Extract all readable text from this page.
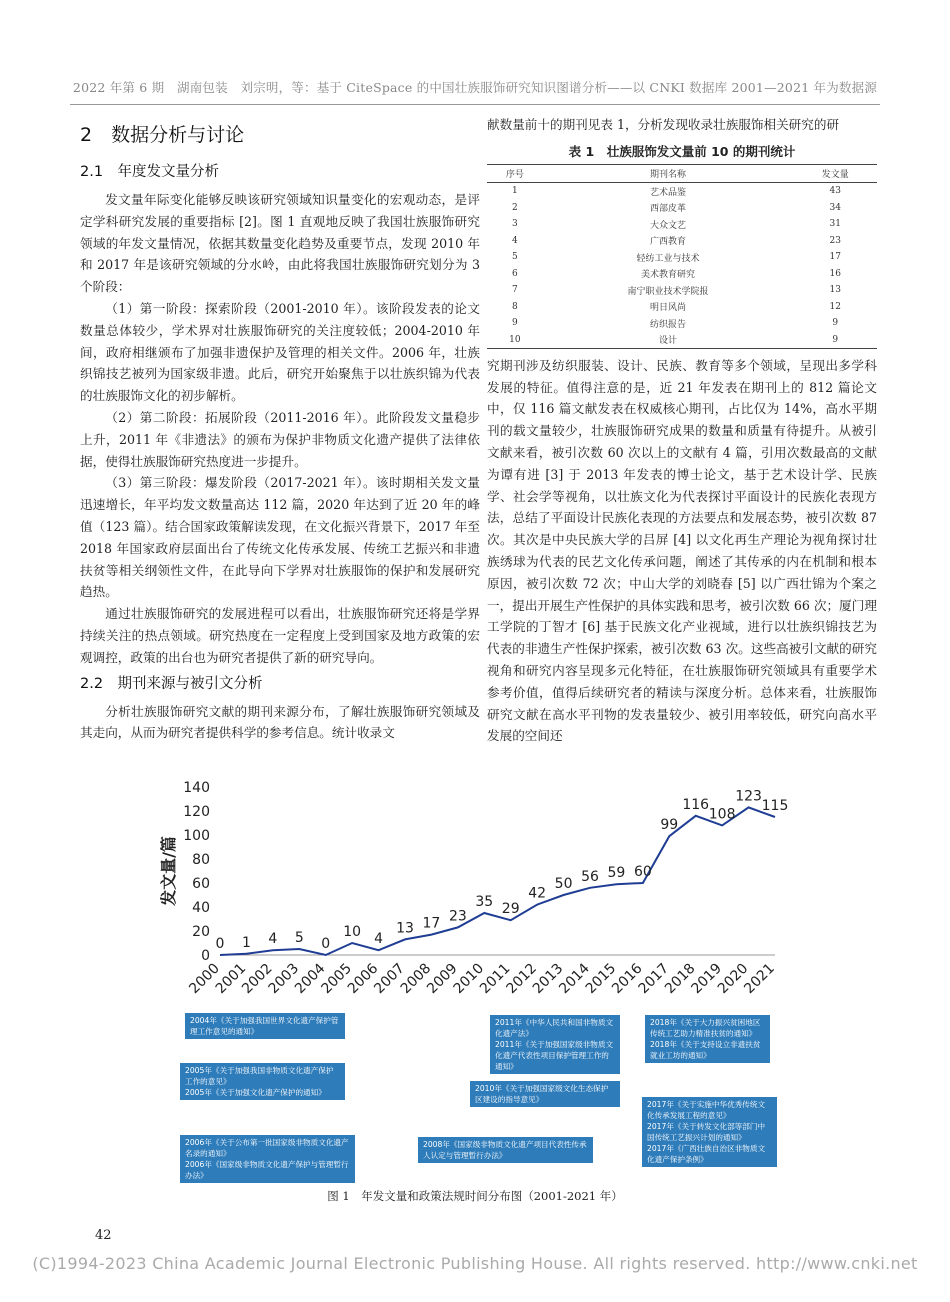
2022 年第 6 期　湖南包装　刘宗明，等：基于 CiteSpace 的中国壮族服饰研究知识图谱分析——以 CNKI 数据库 2001—2021 年为数据源
2　数据分析与讨论
2.1　年度发文量分析

发文量年际变化能够反映该研究领域知识量变化的宏观动态，是评定学科研究发展的重要指标 [2]。图 1 直观地反映了我国壮族服饰研究领域的年发文量情况，依据其数量变化趋势及重要节点，发现 2010 年和 2017 年是该研究领域的分水岭，由此将我国壮族服饰研究划分为 3 个阶段：

（1）第一阶段：探索阶段（2001-2010 年）。该阶段发表的论文数量总体较少，学术界对壮族服饰研究的关注度较低；2004-2010 年间，政府相继颁布了加强非遗保护及管理的相关文件。2006 年，壮族织锦技艺被列为国家级非遗。此后，研究开始聚焦于以壮族织锦为代表的壮族服饰文化的初步解析。

（2）第二阶段：拓展阶段（2011-2016 年）。此阶段发文量稳步上升，2011 年《非遗法》的颁布为保护非物质文化遗产提供了法律依据，使得壮族服饰研究热度进一步提升。

（3）第三阶段：爆发阶段（2017-2021 年）。该时期相关发文量迅速增长，年平均发文数量高达 112 篇，2020 年达到了近 20 年的峰值（123 篇）。结合国家政策解读发现，在文化振兴背景下，2017 年至 2018 年国家政府层面出台了传统文化传承发展、传统工艺振兴和非遗扶贫等相关纲领性文件，在此导向下学界对壮族服饰的保护和发展研究趋热。

通过壮族服饰研究的发展进程可以看出，壮族服饰研究还将是学界持续关注的热点领域。研究热度在一定程度上受到国家及地方政策的宏观调控，政策的出台也为研究者提供了新的研究导向。

2.2　期刊来源与被引文分析

分析壮族服饰研究文献的期刊来源分布，了解壮族服饰研究领域及其走向，从而为研究者提供科学的参考信息。统计收录文

献数量前十的期刊见表 1，分析发现收录壮族服饰相关研究的研

表 1　壮族服饰发文量前 10 的期刊统计
序号	期刊名称	发文量
1	艺术品鉴	43
2	西部皮革	34
3	大众文艺	31
4	广西教育	23
5	轻纺工业与技术	17
6	美术教育研究	16
7	南宁职业技术学院报	13
8	明日风尚	12
9	纺织报告	9
10	设计	9

究期刊涉及纺织服装、设计、民族、教育等多个领域，呈现出多学科发展的特征。值得注意的是，近 21 年发表在期刊上的 812 篇论文中，仅 116 篇文献发表在权威核心期刊，占比仅为 14%，高水平期刊的载文量较少，壮族服饰研究成果的数量和质量有待提升。从被引文献来看，被引次数 60 次以上的文献有 4 篇，引用次数最高的文献为谭有进 [3] 于 2013 年发表的博士论文，基于艺术设计学、民族学、社会学等视角，以壮族文化为代表探讨平面设计的民族化表现方法，总结了平面设计民族化表现的方法要点和发展态势，被引次数 87 次。其次是中央民族大学的吕屏 [4] 以文化再生产理论为视角探讨壮族绣球为代表的民艺文化传承问题，阐述了其传承的内在机制和根本原因，被引次数 72 次；中山大学的刘晓春 [5] 以广西壮锦为个案之一，提出开展生产性保护的具体实践和思考，被引次数 66 次；厦门理工学院的丁智才 [6] 基于民族文化产业视域，进行以壮族织锦技艺为代表的非遗生产性保护探索，被引次数 63 次。这些高被引文献的研究视角和研究内容呈现多元化特征，在壮族服饰研究领域具有重要学术参考价值，值得后续研究者的精读与深度分析。总体来看，壮族服饰研究文献在高水平刊物的发表量较少、被引用率较低，研究向高水平发展的空间还

0
20
40
60
80
100
120
140
2000
2001
2002
2003
2004
2005
2006
2007
2008
2009
2010
2011
2012
2013
2014
2015
2016
2017
2018
2019
2020
2021
0 1 4 5 0
10 4
13 17 23
35 29
42
50 56 59 60
99
116
108
123
115
发文量/篇
2004年《关于加强我国世界文化遗产保护管理工作意见的通知》
2005年《关于加强我国非物质文化遗产保护工作的意见》
2005年《关于加强文化遗产保护的通知》
2006年《关于公布第一批国家级非物质文化遗产名录的通知》
2006年《国家级非物质文化遗产保护与管理暂行办法》
2008年《国家级非物质文化遗产项目代表性传承人认定与管理暂行办法》
2010年《关于加强国家级文化生态保护区建设的指导意见》
2011年《中华人民共和国非物质文化遗产法》
2011年《关于加强国家级非物质文化遗产代表性项目保护管理工作的通知》
2018年《关于大力振兴贫困地区传统工艺助力精准扶贫的通知》
2018年《关于支持设立非遗扶贫就业工坊的通知》
2017年《关于实施中华优秀传统文化传承发展工程的意见》
2017年《关于转发文化部等部门中国传统工艺振兴计划的通知》
2017年《广西壮族自治区非物质文化遗产保护条例》
图 1　年发文量和政策法规时间分布图（2001-2021 年）
42
(C)1994-2023 China Academic Journal Electronic Publishing House. All rights reserved. http://www.cnki.net
